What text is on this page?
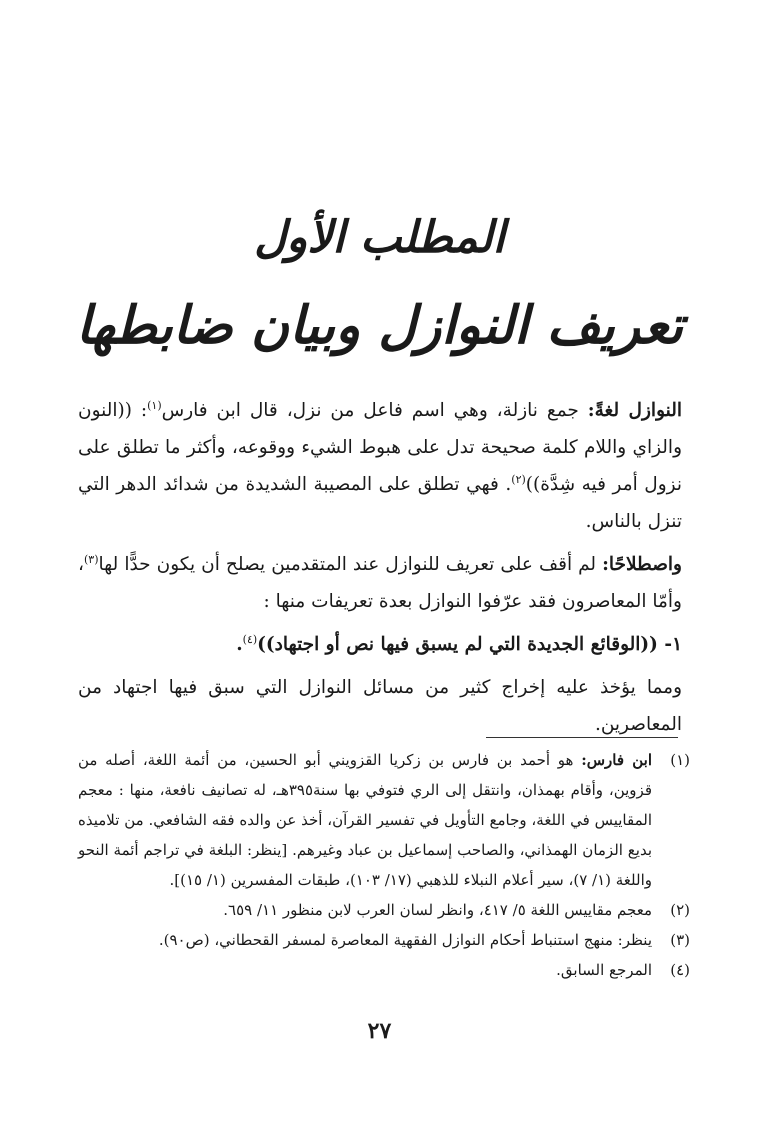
المطلب الأول
تعريف النوازل وبيان ضابطها

النوازل لغةً: جمع نازلة، وهي اسم فاعل من نزل، قال ابن فارس$^{(١)}$: ((النون والزاي واللام كلمة صحيحة تدل على هبوط الشيء ووقوعه، وأكثر ما تطلق على نزول أمر فيه شِدَّة))$^{(٢)}$. فهي تطلق على المصيبة الشديدة من شدائد الدهر التي تنزل بالناس.

واصطلاحًا: لم أقف على تعريف للنوازل عند المتقدمين يصلح أن يكون حدًّا لها$^{(٣)}$، وأمّا المعاصرون فقد عرّفوا النوازل بعدة تعريفات منها :

١- ((الوقائع الجديدة التي لم يسبق فيها نص أو اجتهاد))$^{(٤)}$.

ومما يؤخذ عليه إخراج كثير من مسائل النوازل التي سبق فيها اجتهاد من المعاصرين.

(١)
ابن فارس: هو أحمد بن فارس بن زكريا القزويني أبو الحسين، من أئمة اللغة، أصله من قزوين، وأقام بهمذان، وانتقل إلى الري فتوفي بها سنة٣٩٥هـ، له تصانيف نافعة، منها : معجم المقاييس في اللغة، وجامع التأويل في تفسير القرآن، أخذ عن والده فقه الشافعي. من تلاميذه بديع الزمان الهمذاني، والصاحب إسماعيل بن عباد وغيرهم. [ينظر: البلغة في تراجم أئمة النحو واللغة (١/ ٧)، سير أعلام النبلاء للذهبي (١٧/ ١٠٣)، طبقات المفسرين (١/ ١٥)].
(٢)
معجم مقاييس اللغة ٥/ ٤١٧، وانظر لسان العرب لابن منظور ١١/ ٦٥٩.
(٣)
ينظر: منهج استنباط أحكام النوازل الفقهية المعاصرة لمسفر القحطاني، (ص٩٠).
(٤)
المرجع السابق.
٢٧
